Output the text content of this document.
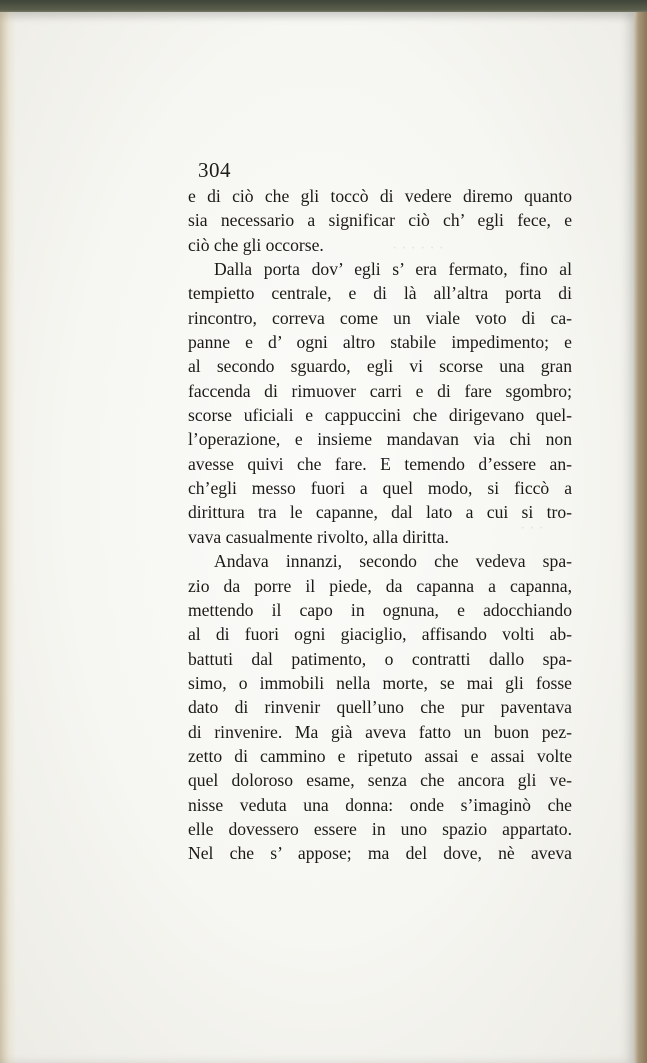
· · · · · ·
· · ·
304
e di ciò che gli toccò di vedere diremo quanto
sia necessario a significar ciò ch’ egli fece, e
ciò che gli occorse.
Dalla porta dov’ egli s’ era fermato, fino al
tempietto centrale, e di là all’altra porta di
rincontro, correva come un viale voto di ca-
panne e d’ ogni altro stabile impedimento; e
al secondo sguardo, egli vi scorse una gran
faccenda di rimuover carri e di fare sgombro;
scorse uficiali e cappuccini che dirigevano quel-
l’operazione, e insieme mandavan via chi non
avesse quivi che fare. E temendo d’essere an-
ch’egli messo fuori a quel modo, si ficcò a
dirittura tra le capanne, dal lato a cui si tro-
vava casualmente rivolto, alla diritta.
Andava innanzi, secondo che vedeva spa-
zio da porre il piede, da capanna a capanna,
mettendo il capo in ognuna, e adocchiando
al di fuori ogni giaciglio, affisando volti ab-
battuti dal patimento, o contratti dallo spa-
simo, o immobili nella morte, se mai gli fosse
dato di rinvenir quell’uno che pur paventava
di rinvenire. Ma già aveva fatto un buon pez-
zetto di cammino e ripetuto assai e assai volte
quel doloroso esame, senza che ancora gli ve-
nisse veduta una donna: onde s’imaginò che
elle dovessero essere in uno spazio appartato.
Nel che s’ appose; ma del dove, nè aveva
